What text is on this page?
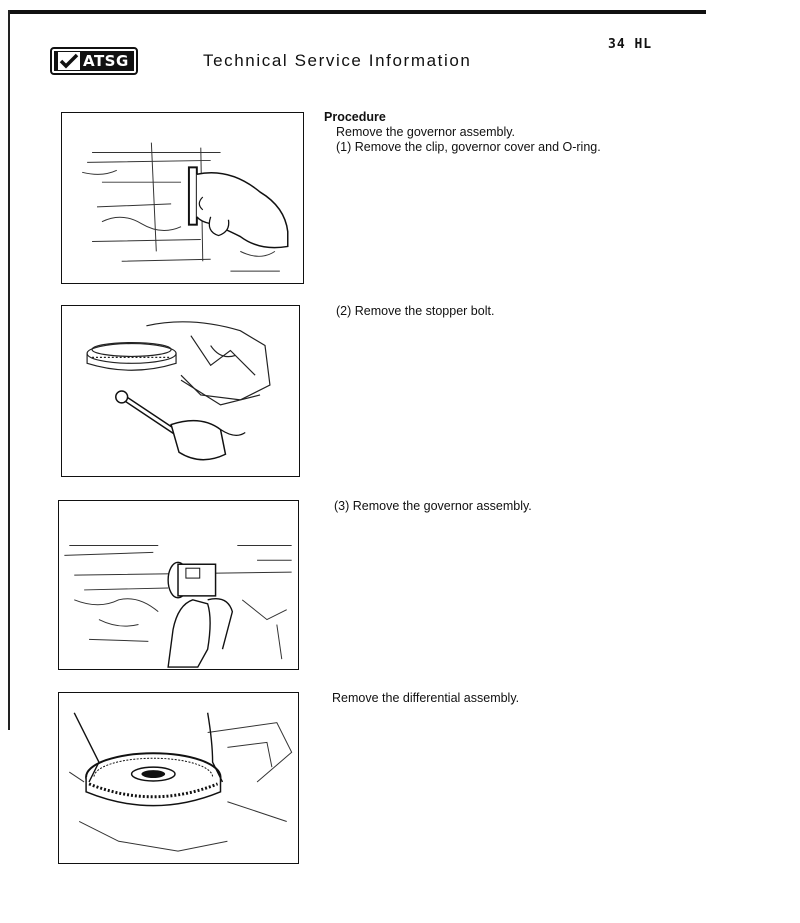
ATSG	Technical Service Information
34 HL
Procedure
Remove the governor assembly.
(1) Remove the clip, governor cover and O-ring.
(2) Remove the stopper bolt.
(3) Remove the governor assembly.
Remove the differential assembly.
